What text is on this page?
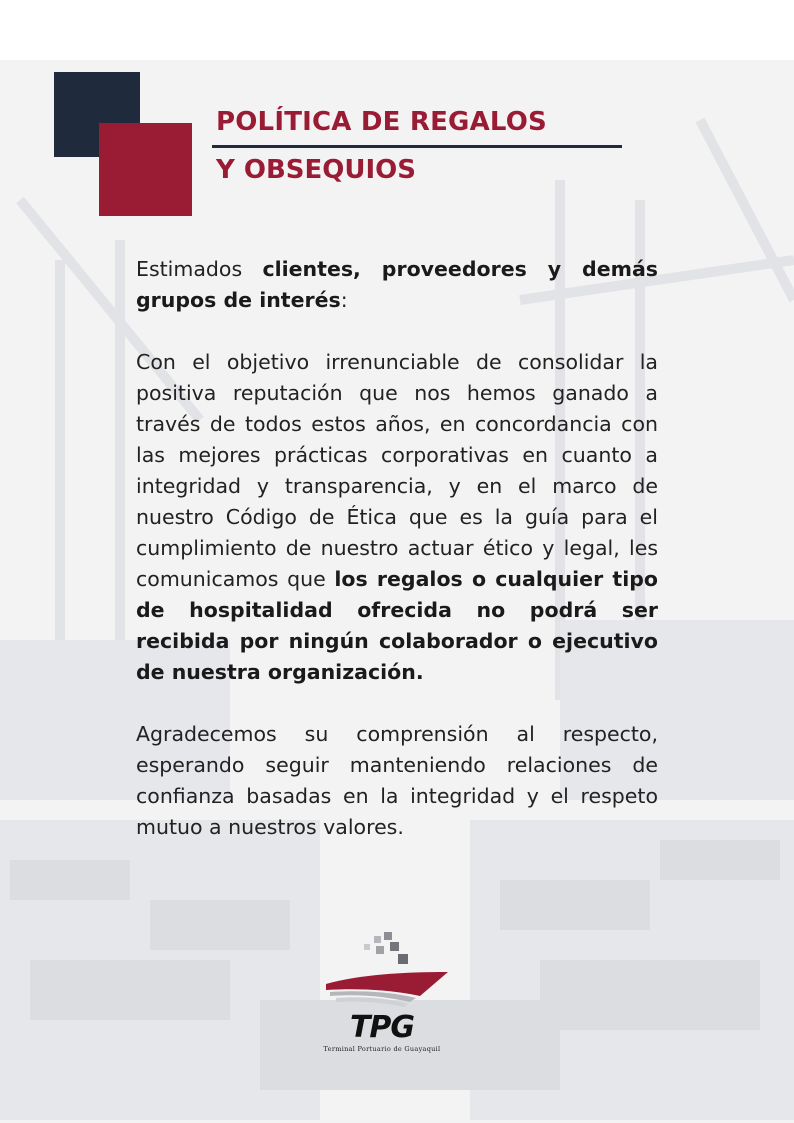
POLÍTICA DE REGALOS
Y OBSEQUIOS

Estimados clientes, proveedores y demás grupos de interés:

Con el objetivo irrenunciable de consolidar la positiva reputación que nos hemos ganado a través de todos estos años, en concordancia con las mejores prácticas corporativas en cuanto a integridad y transparencia, y en el marco de nuestro Código de Ética que es la guía para el cumplimiento de nuestro actuar ético y legal, les comunicamos que los regalos o cualquier tipo de hospitalidad ofrecida no podrá ser recibida por ningún colaborador o ejecutivo de nuestra organización.

Agradecemos su comprensión al respecto, esperando seguir manteniendo relaciones de confianza basadas en la integridad y el respeto mutuo a nuestros valores.

TPG
Terminal Portuario de Guayaquil
